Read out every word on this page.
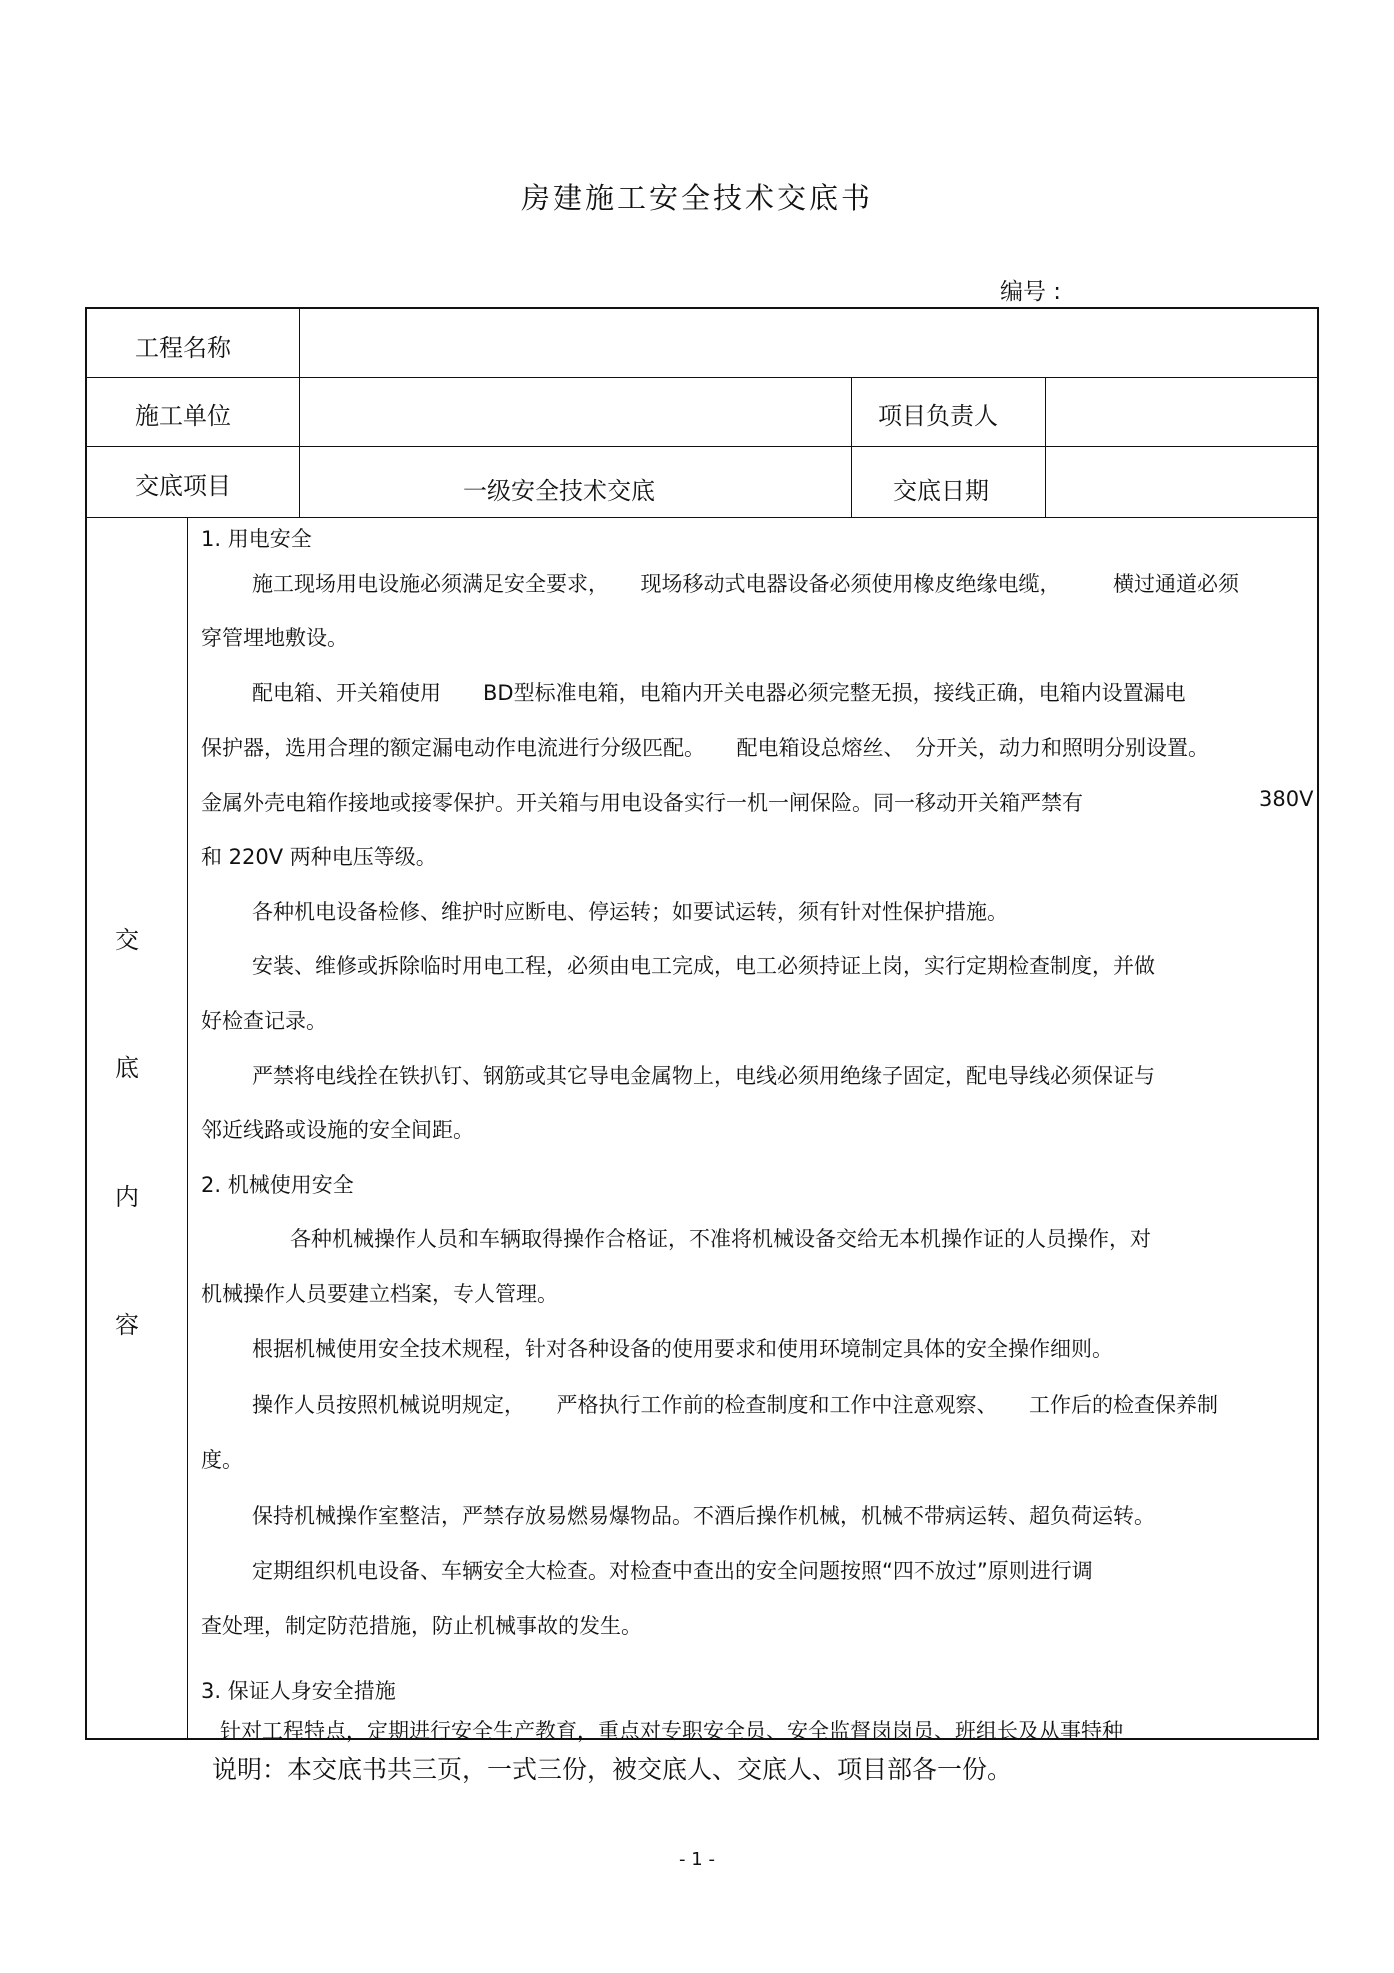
房建施工安全技术交底书
编号 :
工程名称
施工单位	项目负责人
交底项目	一级安全技术交底	交底日期
交
底
内
容
1. 用电安全
施工现场用电设施必须满足安全要求，　　现场移动式电器设备必须使用橡皮绝缘电缆，　　　横过通道必须
穿管埋地敷设。
配电箱、开关箱使用　　BD型标准电箱，电箱内开关电器必须完整无损，接线正确，电箱内设置漏电
保护器，选用合理的额定漏电动作电流进行分级匹配。　　配电箱设总熔丝、　分开关，动力和照明分别设置。
金属外壳电箱作接地或接零保护。开关箱与用电设备实行一机一闸保险。同一移动开关箱严禁有	380V
和 220V 两种电压等级。
各种机电设备检修、维护时应断电、停运转；如要试运转，须有针对性保护措施。
安装、维修或拆除临时用电工程，必须由电工完成，电工必须持证上岗，实行定期检查制度，并做
好检查记录。
严禁将电线拴在铁扒钉、钢筋或其它导电金属物上，电线必须用绝缘子固定，配电导线必须保证与
邻近线路或设施的安全间距。
2. 机械使用安全
各种机械操作人员和车辆取得操作合格证，不准将机械设备交给无本机操作证的人员操作，对
机械操作人员要建立档案，专人管理。
根据机械使用安全技术规程，针对各种设备的使用要求和使用环境制定具体的安全操作细则。
操作人员按照机械说明规定，　　严格执行工作前的检查制度和工作中注意观察、　　工作后的检查保养制
度。
保持机械操作室整洁，严禁存放易燃易爆物品。不酒后操作机械，机械不带病运转、超负荷运转。
定期组织机电设备、车辆安全大检查。对检查中查出的安全问题按照“四不放过”原则进行调
查处理，制定防范措施，防止机械事故的发生。
3. 保证人身安全措施
针对工程特点，定期进行安全生产教育，重点对专职安全员、安全监督岗岗员、班组长及从事特种
说明：本交底书共三页，一式三份，被交底人、交底人、项目部各一份。
- 1 -
